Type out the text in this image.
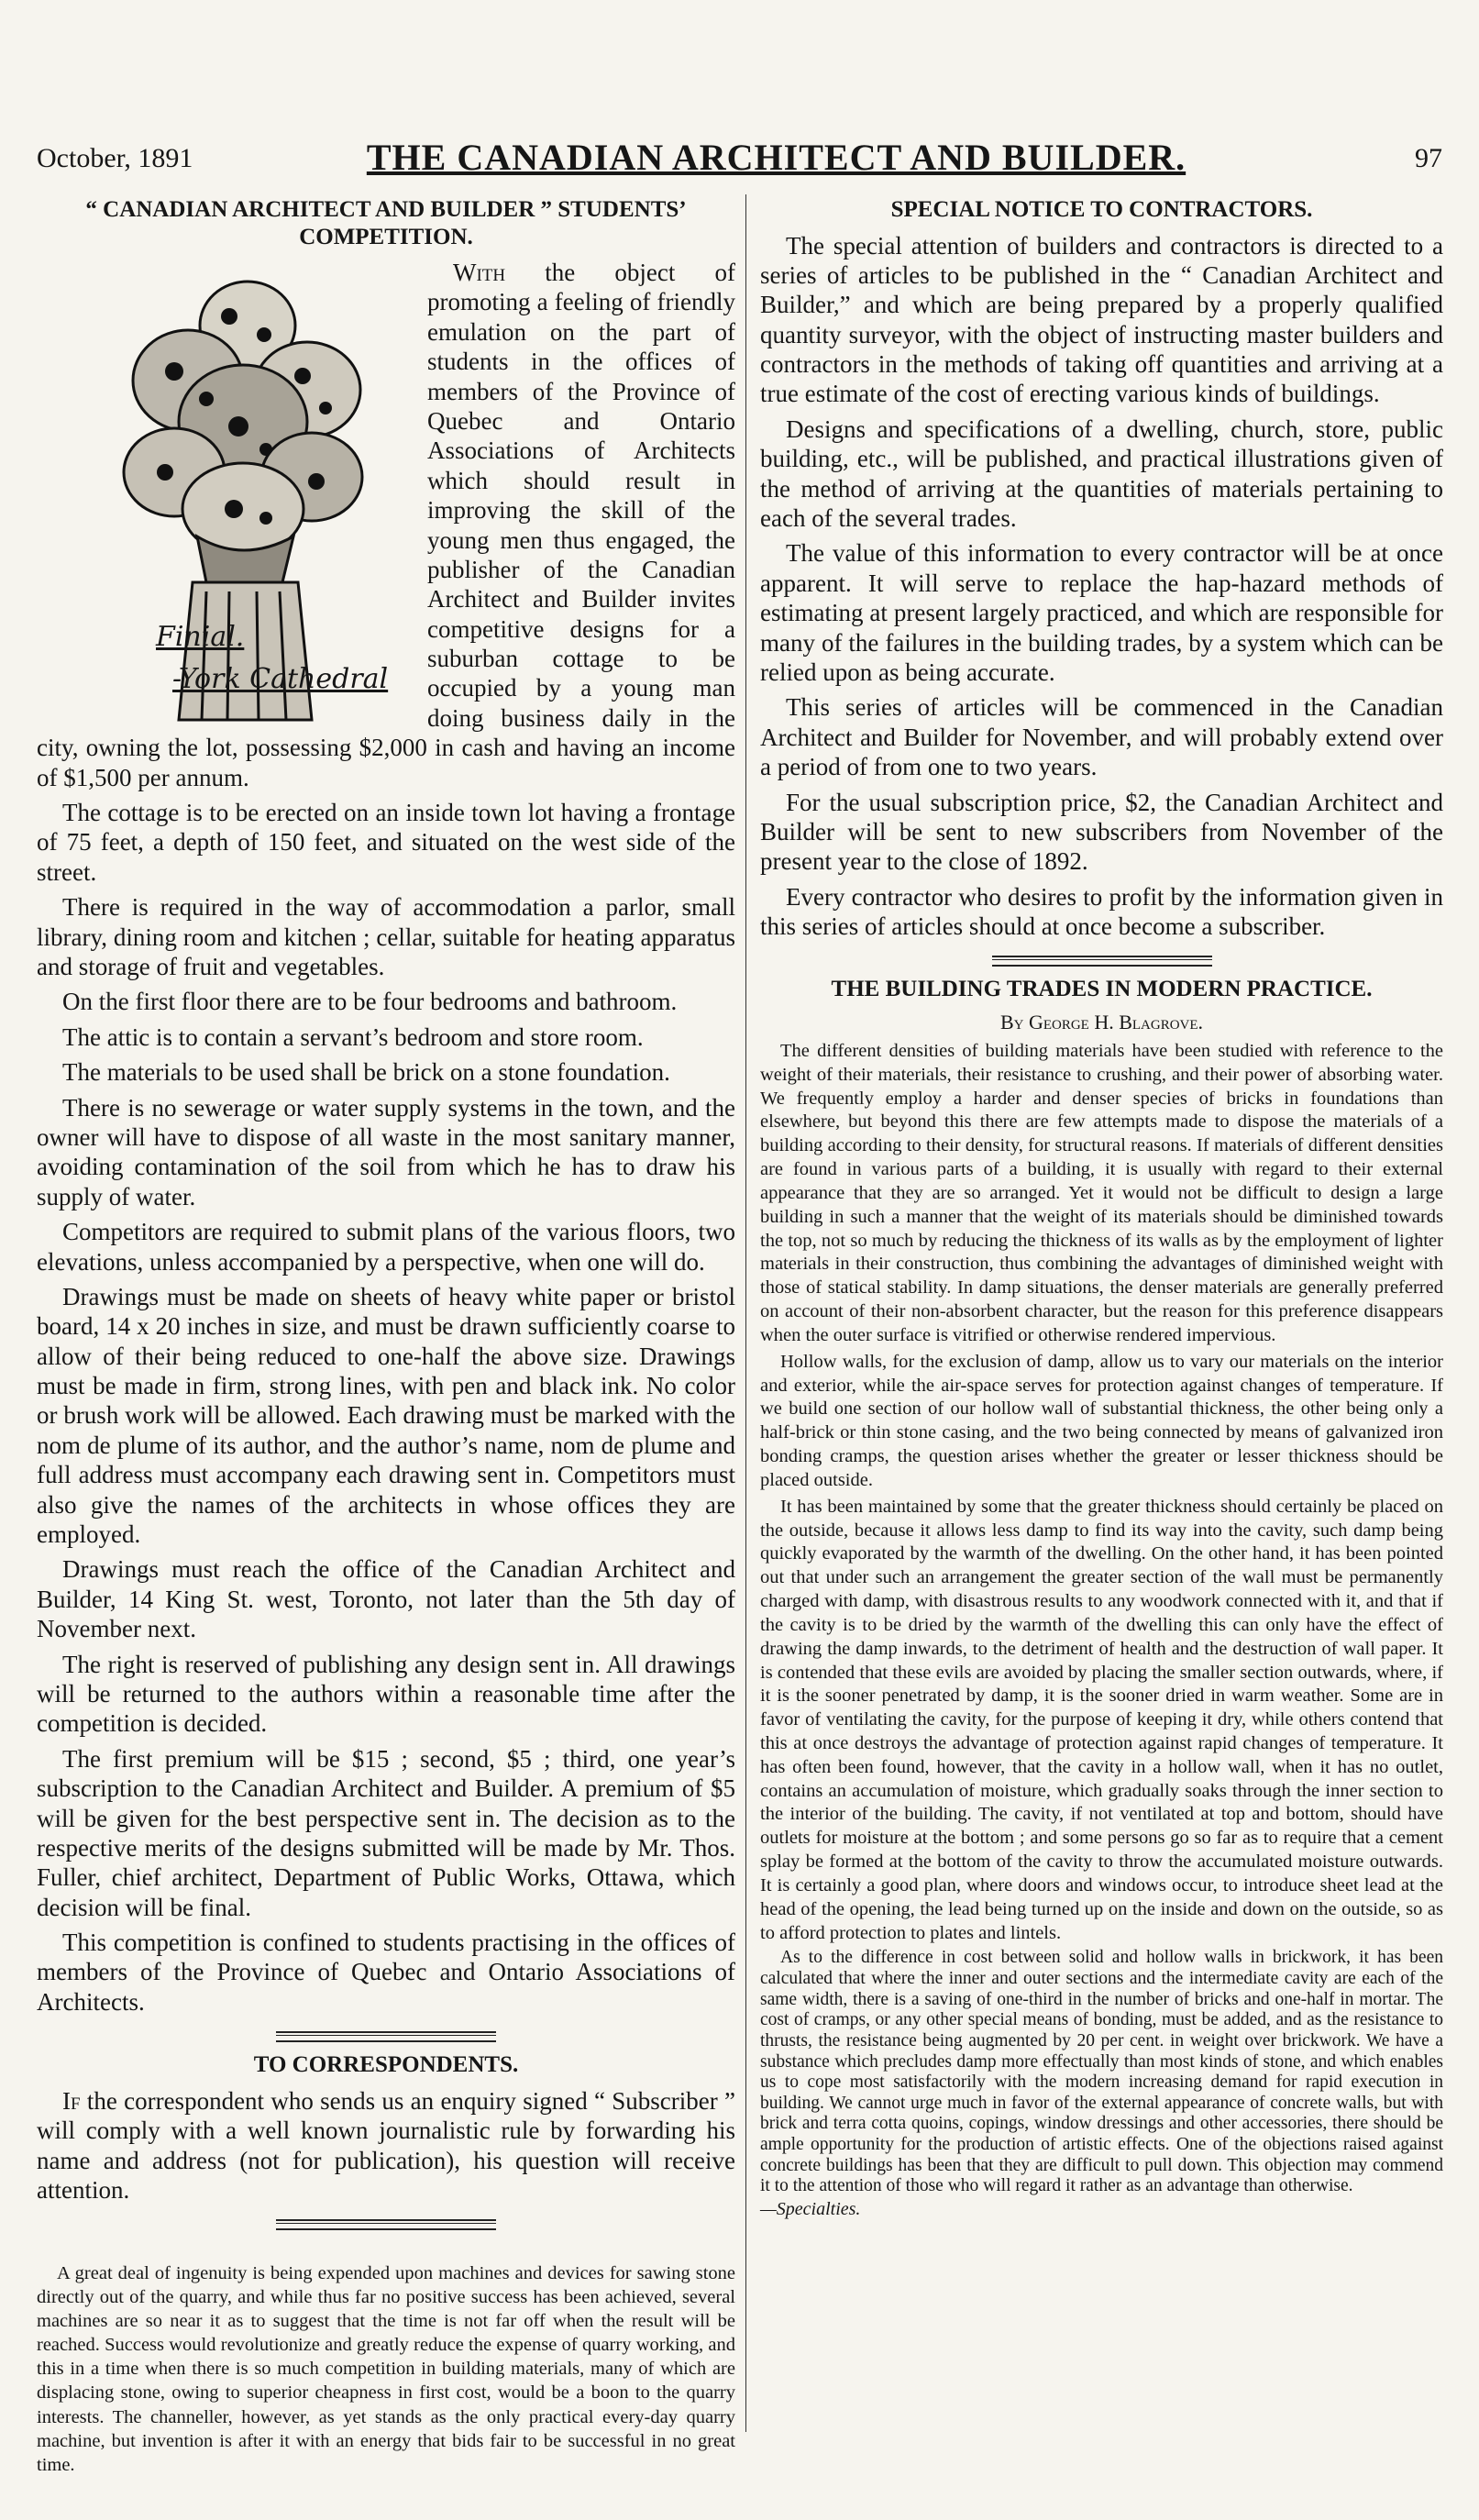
October, 1891	THE CANADIAN ARCHITECT AND BUILDER.	97
“ CANADIAN ARCHITECT AND BUILDER ” STUDENTS’
COMPETITION.
Finial.
-York Cathedral

With the object of promoting a feeling of friendly emulation on the part of students in the offices of members of the Province of Quebec and Ontario Associations of Architects which should result in improving the skill of the young men thus engaged, the publisher of the Canadian Architect and Builder invites competitive designs for a suburban cottage to be occupied by a young man doing business daily in the city, owning the lot, possessing $2,000 in cash and having an income of $1,500 per annum.

The cottage is to be erected on an inside town lot having a frontage of 75 feet, a depth of 150 feet, and situated on the west side of the street.

There is required in the way of accommodation a parlor, small library, dining room and kitchen ; cellar, suitable for heating apparatus and storage of fruit and vegetables.

On the first floor there are to be four bedrooms and bathroom.

The attic is to contain a servant’s bedroom and store room.

The materials to be used shall be brick on a stone foundation.

There is no sewerage or water supply systems in the town, and the owner will have to dispose of all waste in the most sanitary manner, avoiding contamination of the soil from which he has to draw his supply of water.

Competitors are required to submit plans of the various floors, two elevations, unless accompanied by a perspective, when one will do.

Drawings must be made on sheets of heavy white paper or bristol board, 14 x 20 inches in size, and must be drawn sufficiently coarse to allow of their being reduced to one-half the above size. Drawings must be made in firm, strong lines, with pen and black ink. No color or brush work will be allowed. Each drawing must be marked with the nom de plume of its author, and the author’s name, nom de plume and full address must accompany each drawing sent in. Competitors must also give the names of the architects in whose offices they are employed.

Drawings must reach the office of the Canadian Architect and Builder, 14 King St. west, Toronto, not later than the 5th day of November next.

The right is reserved of publishing any design sent in. All drawings will be returned to the authors within a reasonable time after the competition is decided.

The first premium will be $15 ; second, $5 ; third, one year’s subscription to the Canadian Architect and Builder. A premium of $5 will be given for the best perspective sent in. The decision as to the respective merits of the designs submitted will be made by Mr. Thos. Fuller, chief architect, Department of Public Works, Ottawa, which decision will be final.

This competition is confined to students practising in the offices of members of the Province of Quebec and Ontario Associations of Architects.

TO CORRESPONDENTS.

If the correspondent who sends us an enquiry signed “ Subscriber ” will comply with a well known journalistic rule by forwarding his name and address (not for publication), his question will receive attention.

A great deal of ingenuity is being expended upon machines and devices for sawing stone directly out of the quarry, and while thus far no positive success has been achieved, several machines are so near it as to suggest that the time is not far off when the result will be reached. Success would revolutionize and greatly reduce the expense of quarry working, and this in a time when there is so much competition in building materials, many of which are displacing stone, owing to superior cheapness in first cost, would be a boon to the quarry interests. The channeller, however, as yet stands as the only practical every-day quarry machine, but invention is after it with an energy that bids fair to be successful in no great time.

SPECIAL NOTICE TO CONTRACTORS.

The special attention of builders and contractors is directed to a series of articles to be published in the “ Canadian Architect and Builder,” and which are being prepared by a properly qualified quantity surveyor, with the object of instructing master builders and contractors in the methods of taking off quantities and arriving at a true estimate of the cost of erecting various kinds of buildings.

Designs and specifications of a dwelling, church, store, public building, etc., will be published, and practical illustrations given of the method of arriving at the quantities of materials pertaining to each of the several trades.

The value of this information to every contractor will be at once apparent. It will serve to replace the hap-hazard methods of estimating at present largely practiced, and which are responsible for many of the failures in the building trades, by a system which can be relied upon as being accurate.

This series of articles will be commenced in the Canadian Architect and Builder for November, and will probably extend over a period of from one to two years.

For the usual subscription price, $2, the Canadian Architect and Builder will be sent to new subscribers from November of the present year to the close of 1892.

Every contractor who desires to profit by the information given in this series of articles should at once become a subscriber.

THE BUILDING TRADES IN MODERN PRACTICE.
By George H. Blagrove.

The different densities of building materials have been studied with reference to the weight of their materials, their resistance to crushing, and their power of absorbing water. We frequently employ a harder and denser species of bricks in foundations than elsewhere, but beyond this there are few attempts made to dispose the materials of a building according to their density, for structural reasons. If materials of different densities are found in various parts of a building, it is usually with regard to their external appearance that they are so arranged. Yet it would not be difficult to design a large building in such a manner that the weight of its materials should be diminished towards the top, not so much by reducing the thickness of its walls as by the employment of lighter materials in their construction, thus combining the advantages of diminished weight with those of statical stability. In damp situations, the denser materials are generally preferred on account of their non-absorbent character, but the reason for this preference disappears when the outer surface is vitrified or otherwise rendered impervious.

Hollow walls, for the exclusion of damp, allow us to vary our materials on the interior and exterior, while the air-space serves for protection against changes of temperature. If we build one section of our hollow wall of substantial thickness, the other being only a half-brick or thin stone casing, and the two being connected by means of galvanized iron bonding cramps, the question arises whether the greater or lesser thickness should be placed outside.

It has been maintained by some that the greater thickness should certainly be placed on the outside, because it allows less damp to find its way into the cavity, such damp being quickly evaporated by the warmth of the dwelling. On the other hand, it has been pointed out that under such an arrangement the greater section of the wall must be permanently charged with damp, with disastrous results to any woodwork connected with it, and that if the cavity is to be dried by the warmth of the dwelling this can only have the effect of drawing the damp inwards, to the detriment of health and the destruction of wall paper. It is contended that these evils are avoided by placing the smaller section outwards, where, if it is the sooner penetrated by damp, it is the sooner dried in warm weather. Some are in favor of ventilating the cavity, for the purpose of keeping it dry, while others contend that this at once destroys the advantage of protection against rapid changes of temperature. It has often been found, however, that the cavity in a hollow wall, when it has no outlet, contains an accumulation of moisture, which gradually soaks through the inner section to the interior of the building. The cavity, if not ventilated at top and bottom, should have outlets for moisture at the bottom ; and some persons go so far as to require that a cement splay be formed at the bottom of the cavity to throw the accumulated moisture outwards. It is certainly a good plan, where doors and windows occur, to introduce sheet lead at the head of the opening, the lead being turned up on the inside and down on the outside, so as to afford protection to plates and lintels.

As to the difference in cost between solid and hollow walls in brickwork, it has been calculated that where the inner and outer sections and the intermediate cavity are each of the same width, there is a saving of one-third in the number of bricks and one-half in mortar. The cost of cramps, or any other special means of bonding, must be added, and as the resistance to thrusts, the resistance being augmented by 20 per cent. in weight over brickwork. We have a substance which precludes damp more effectually than most kinds of stone, and which enables us to cope most satisfactorily with the modern increasing demand for rapid execution in building. We cannot urge much in favor of the external appearance of concrete walls, but with brick and terra cotta quoins, copings, window dressings and other accessories, there should be ample opportunity for the production of artistic effects. One of the objections raised against concrete buildings has been that they are difficult to pull down. This objection may commend it to the attention of those who will regard it rather as an advantage than otherwise.

—Specialties.
